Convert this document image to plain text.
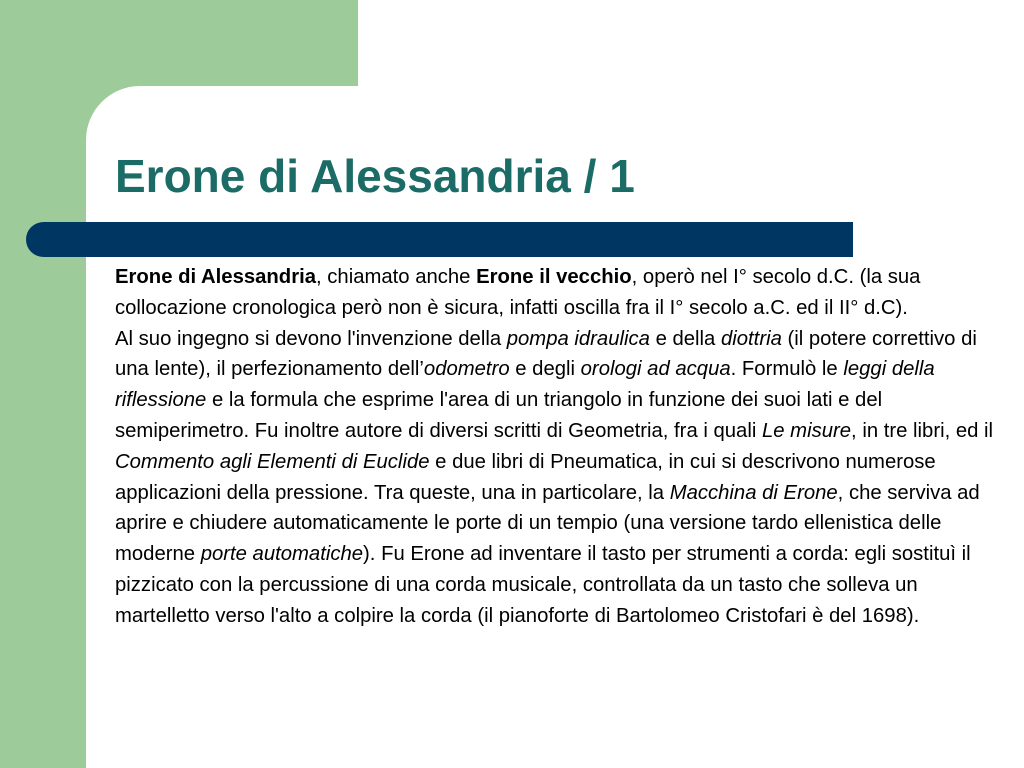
Erone di Alessandria / 1

Erone di Alessandria, chiamato anche Erone il vecchio, operò nel I° secolo d.C. (la sua collocazione cronologica però non è sicura, infatti oscilla fra il I° secolo a.C. ed il II° d.C).

Al suo ingegno si devono l'invenzione della pompa idraulica e della diottria (il potere correttivo di una lente), il perfezionamento dell’odometro e degli orologi ad acqua. Formulò le leggi della riflessione e la formula che esprime l'area di un triangolo in funzione dei suoi lati e del semiperimetro. Fu inoltre autore di diversi scritti di Geometria, fra i quali Le misure, in tre libri, ed il Commento agli Elementi di Euclide e due libri di Pneumatica, in cui si descrivono numerose applicazioni della pressione. Tra queste, una in particolare, la Macchina di Erone, che serviva ad aprire e chiudere automaticamente le porte di un tempio (una versione tardo ellenistica delle moderne porte automatiche). Fu Erone ad inventare il tasto per strumenti a corda: egli sostituì il pizzicato con la percussione di una corda musicale, controllata da un tasto che solleva un martelletto verso l'alto a colpire la corda (il pianoforte di Bartolomeo Cristofari è del 1698).
